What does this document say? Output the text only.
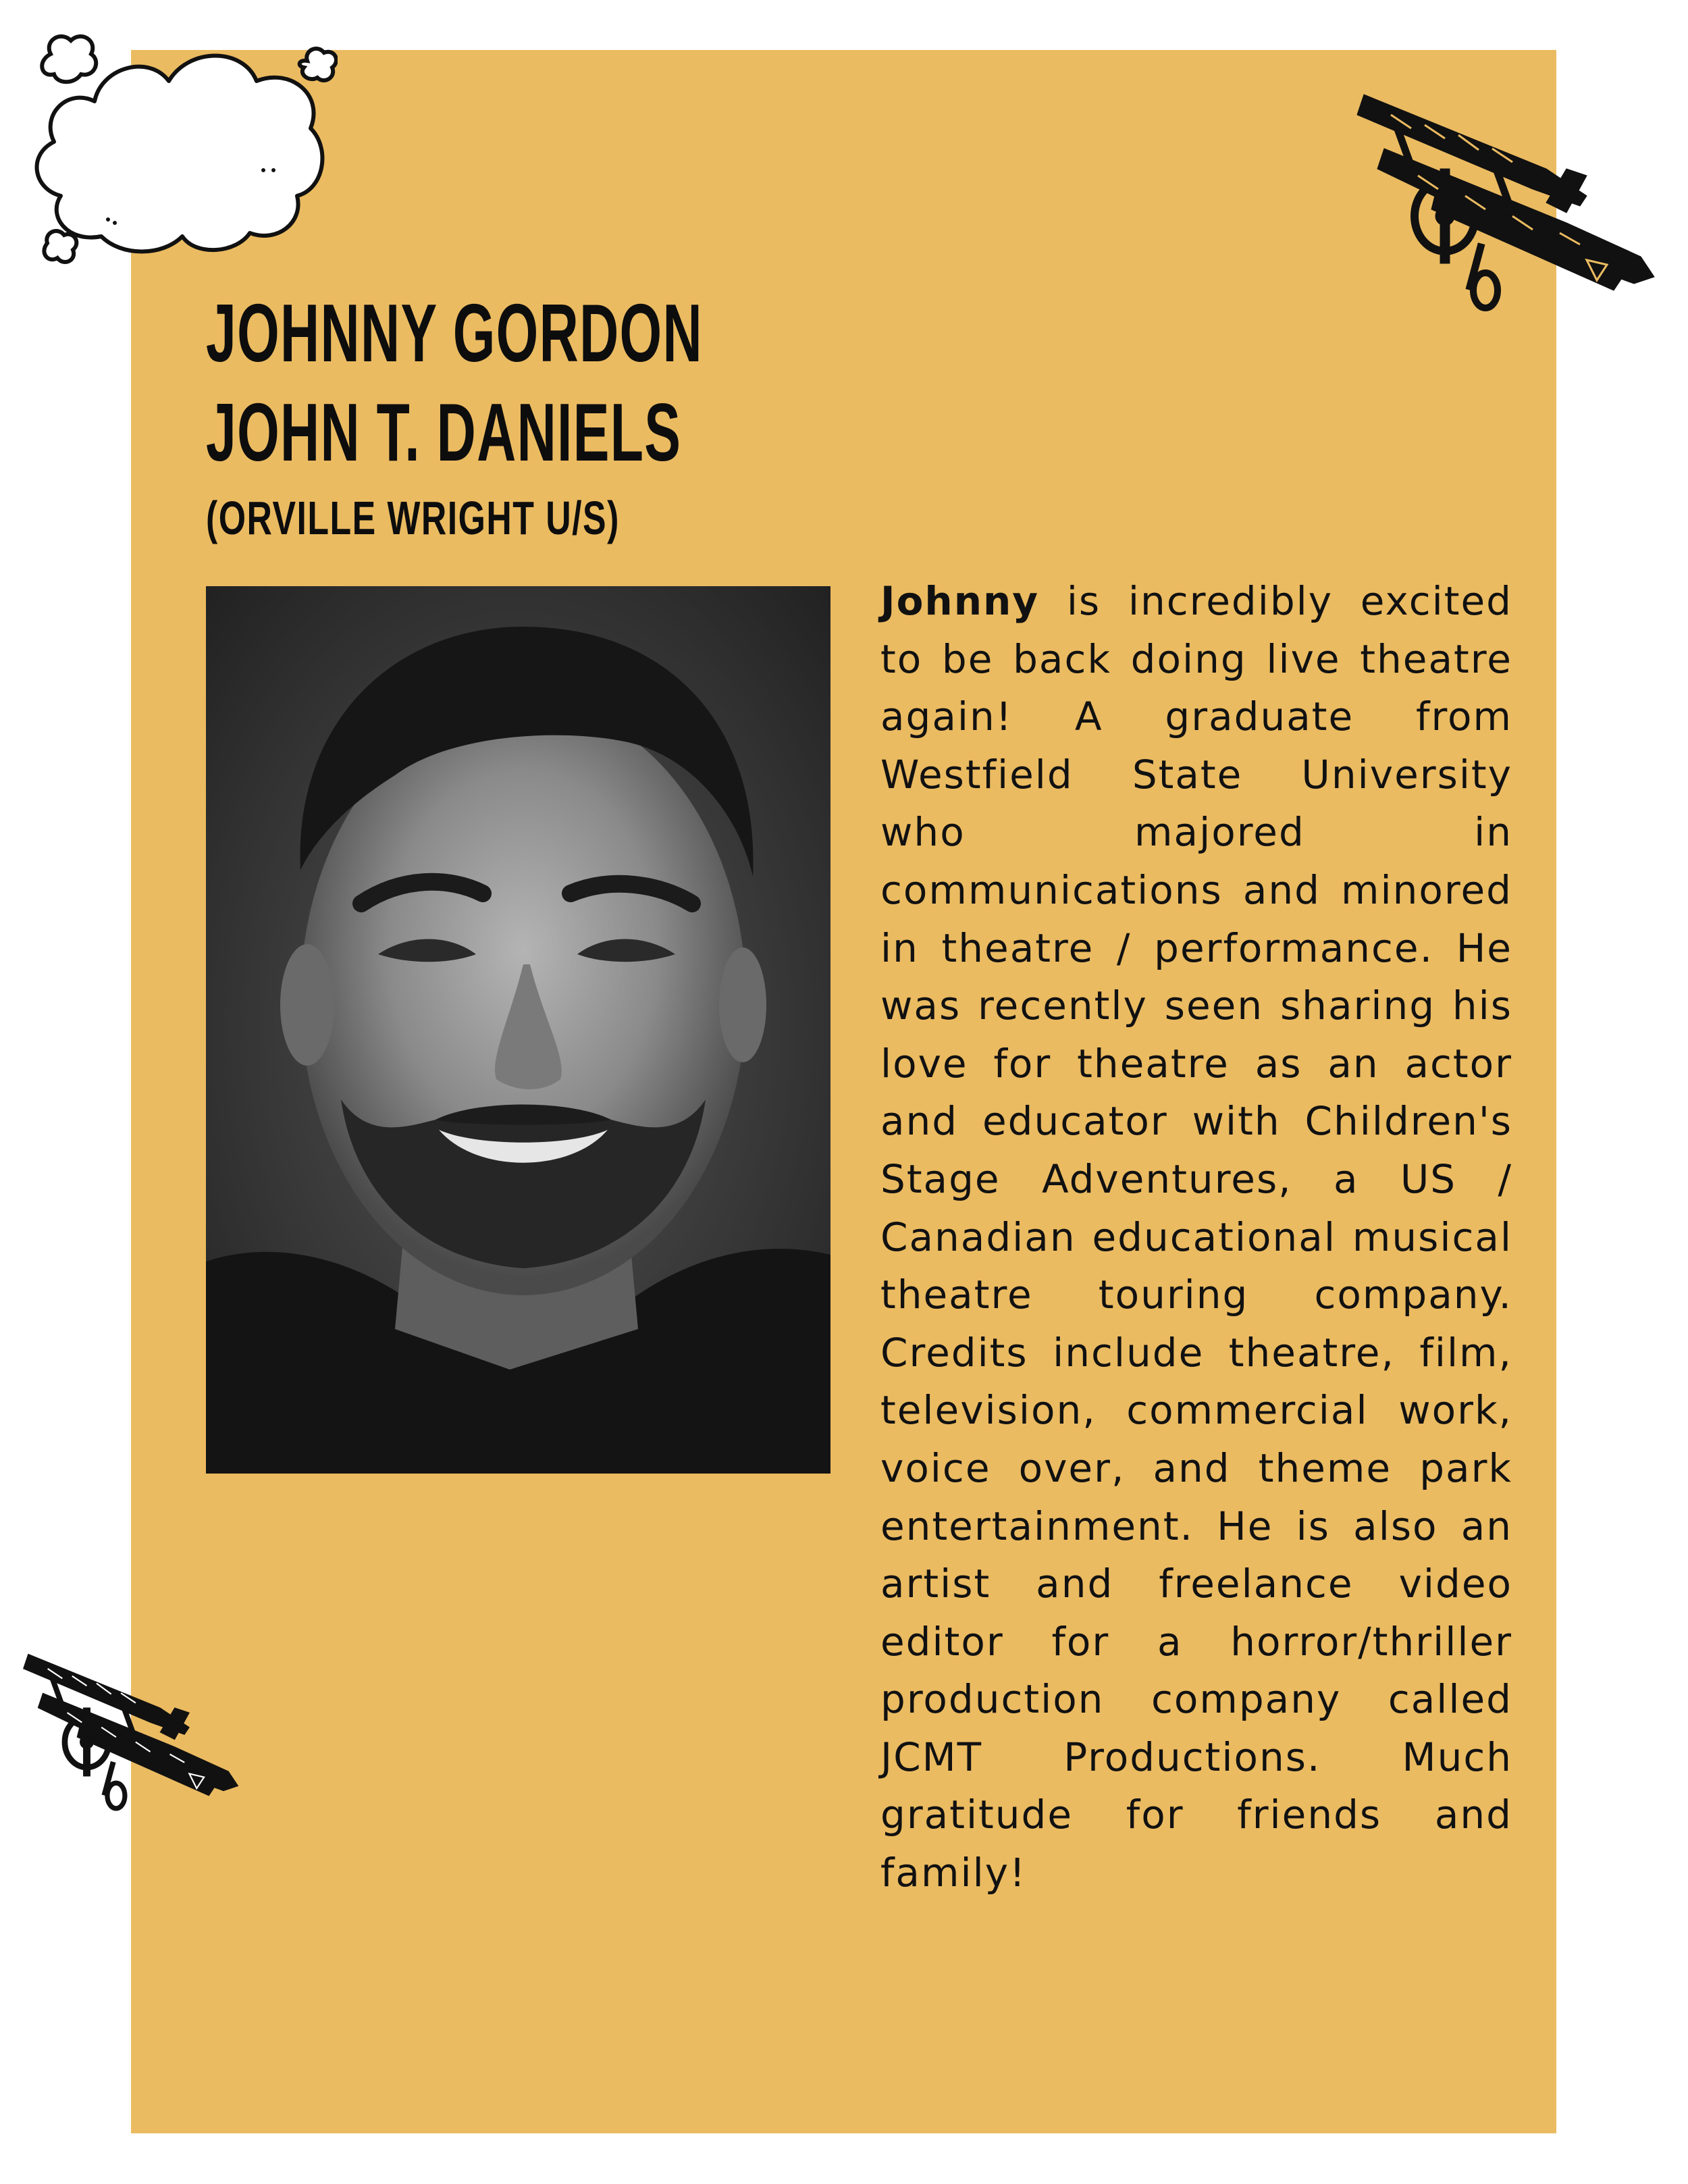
JOHNNY GORDON
JOHN T. DANIELS
(ORVILLE WRIGHT U/S)
Johnny is incredibly excited to be back doing live theatre again! A graduate from Westfield State University who majored in communications and minored in theatre / performance. He was recently seen sharing his love for theatre as an actor and educator with Children's Stage Adventures, a US / Canadian educational musical theatre touring company. Credits include theatre, film, television, commercial work, voice over, and theme park entertainment. He is also an artist and freelance video editor for a horror/thriller production company called JCMT Productions. Much gratitude for friends and family!
